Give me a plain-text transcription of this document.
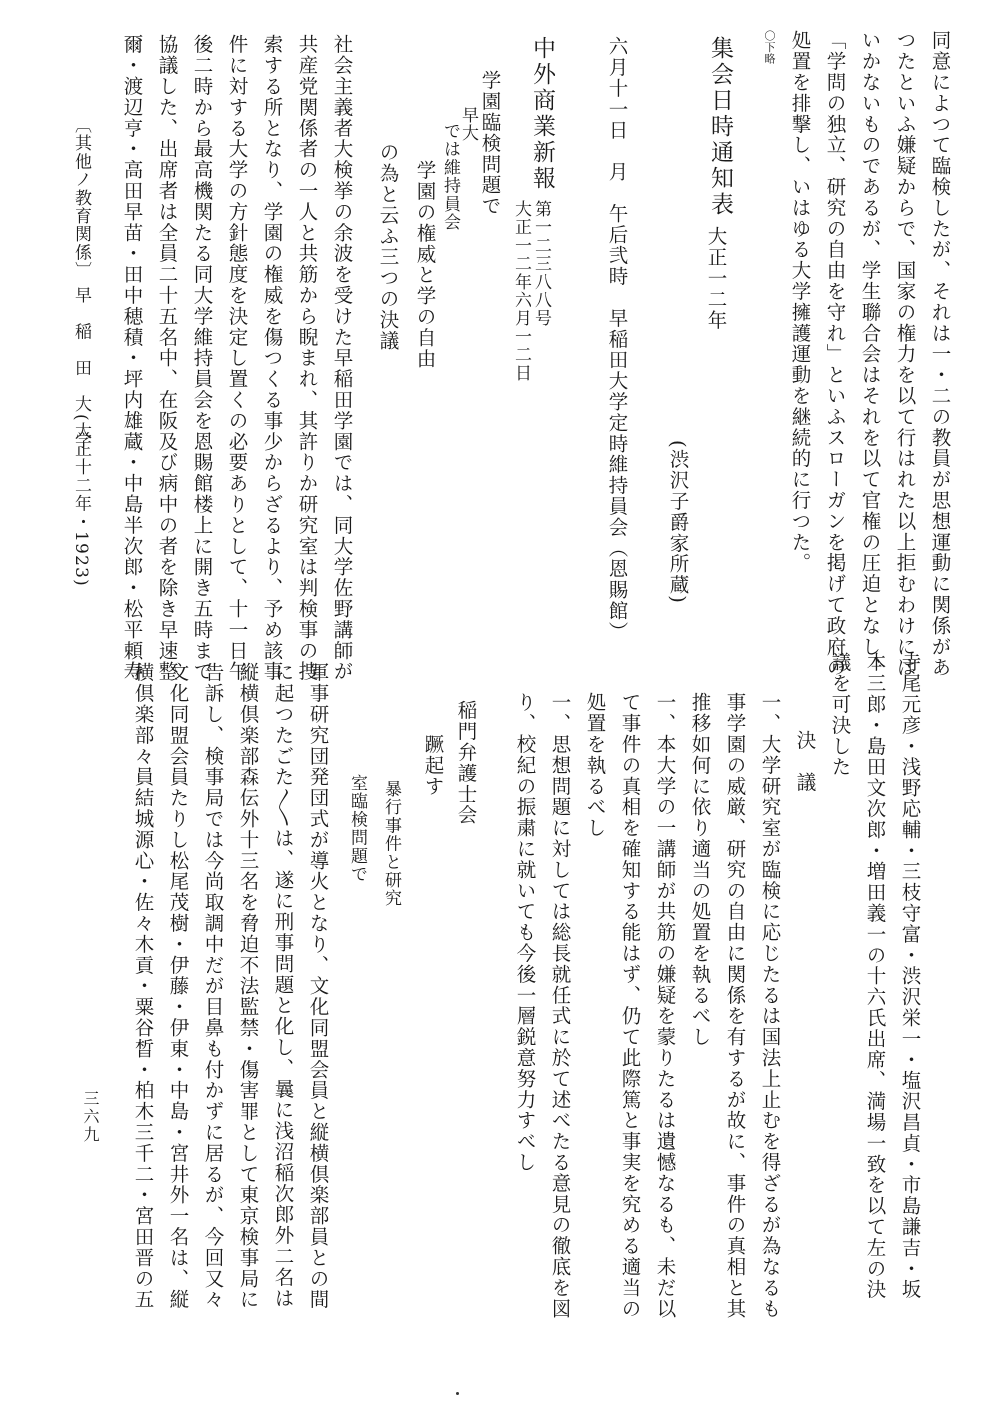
同意によつて臨検したが、それは一・二の教員が思想運動に関係があ
つたといふ嫌疑からで、国家の権力を以て行はれた以上拒むわけには
いかないものであるが、学生聯合会はそれを以て官権の圧迫となし、
「学問の独立、研究の自由を守れ」といふスローガンを掲げて政府の
処置を排撃し、いはゆる大学擁護運動を継続的に行つた。
〇下略
集会日時通知表
大正一二年
(渋沢子爵家所蔵)
六月十一日　月　午后弐時　早稲田大学定時維持員会（恩賜館）
中外商業新報
第一二三八八号
大正一二年六月一二日
学園臨検問題で
早大
では維持員会
学園の権威と学の自由
の為と云ふ三つの決議
社会主義者大検挙の余波を受けた早稲田学園では、同大学佐野講師が
共産党関係者の一人と共筋から睨まれ、其許りか研究室は判検事の捜
索する所となり、学園の権威を傷つくる事少からざるより、予め該事
件に対する大学の方針態度を決定し置くの必要ありとして、十一日午
後二時から最高機関たる同大学維持員会を恩賜館楼上に開き五時まで
協議した、出席者は全員二十五名中、在阪及び病中の者を除き早速整
爾・渡辺亨・高田早苗・田中穂積・坪内雄蔵・中島半次郎・松平頼寿
〔其他ノ教育関係〕
早　稲　田　大　学
(大正十二年・1923)
寺尾元彦・浅野応輔・三枝守富・渋沢栄一・塩沢昌貞・市島謙吉・坂
本三郎・島田文次郎・増田義一の十六氏出席、満場一致を以て左の決
議を可決した
決　議
一、大学研究室が臨検に応じたるは国法上止むを得ざるが為なるも
事学園の威厳、研究の自由に関係を有するが故に、事件の真相と其
推移如何に依り適当の処置を執るべし
一、本大学の一講師が共筋の嫌疑を蒙りたるは遺憾なるも、未だ以
て事件の真相を確知する能はず、仍て此際篤と事実を究める適当の
処置を執るべし
一、思想問題に対しては総長就任式に於て述べたる意見の徹底を図
り、校紀の振粛に就いても今後一層鋭意努力すべし
稲門弁護士会
蹶起す
暴行事件と研究
室臨検問題で
軍事研究団発団式が導火となり、文化同盟会員と縦横倶楽部員との間
に起つたごた〳〵は、遂に刑事問題と化し、曩に浅沼稲次郎外二名は
縦横倶楽部森伝外十三名を脅迫不法監禁・傷害罪として東京検事局に
告訴し、検事局では今尚取調中だが目鼻も付かずに居るが、今回又々
文化同盟会員たりし松尾茂樹・伊藤・伊東・中島・宮井外一名は、縦
横倶楽部々員結城源心・佐々木貢・粟谷晳・柏木三千二・宮田晋の五
三六九
